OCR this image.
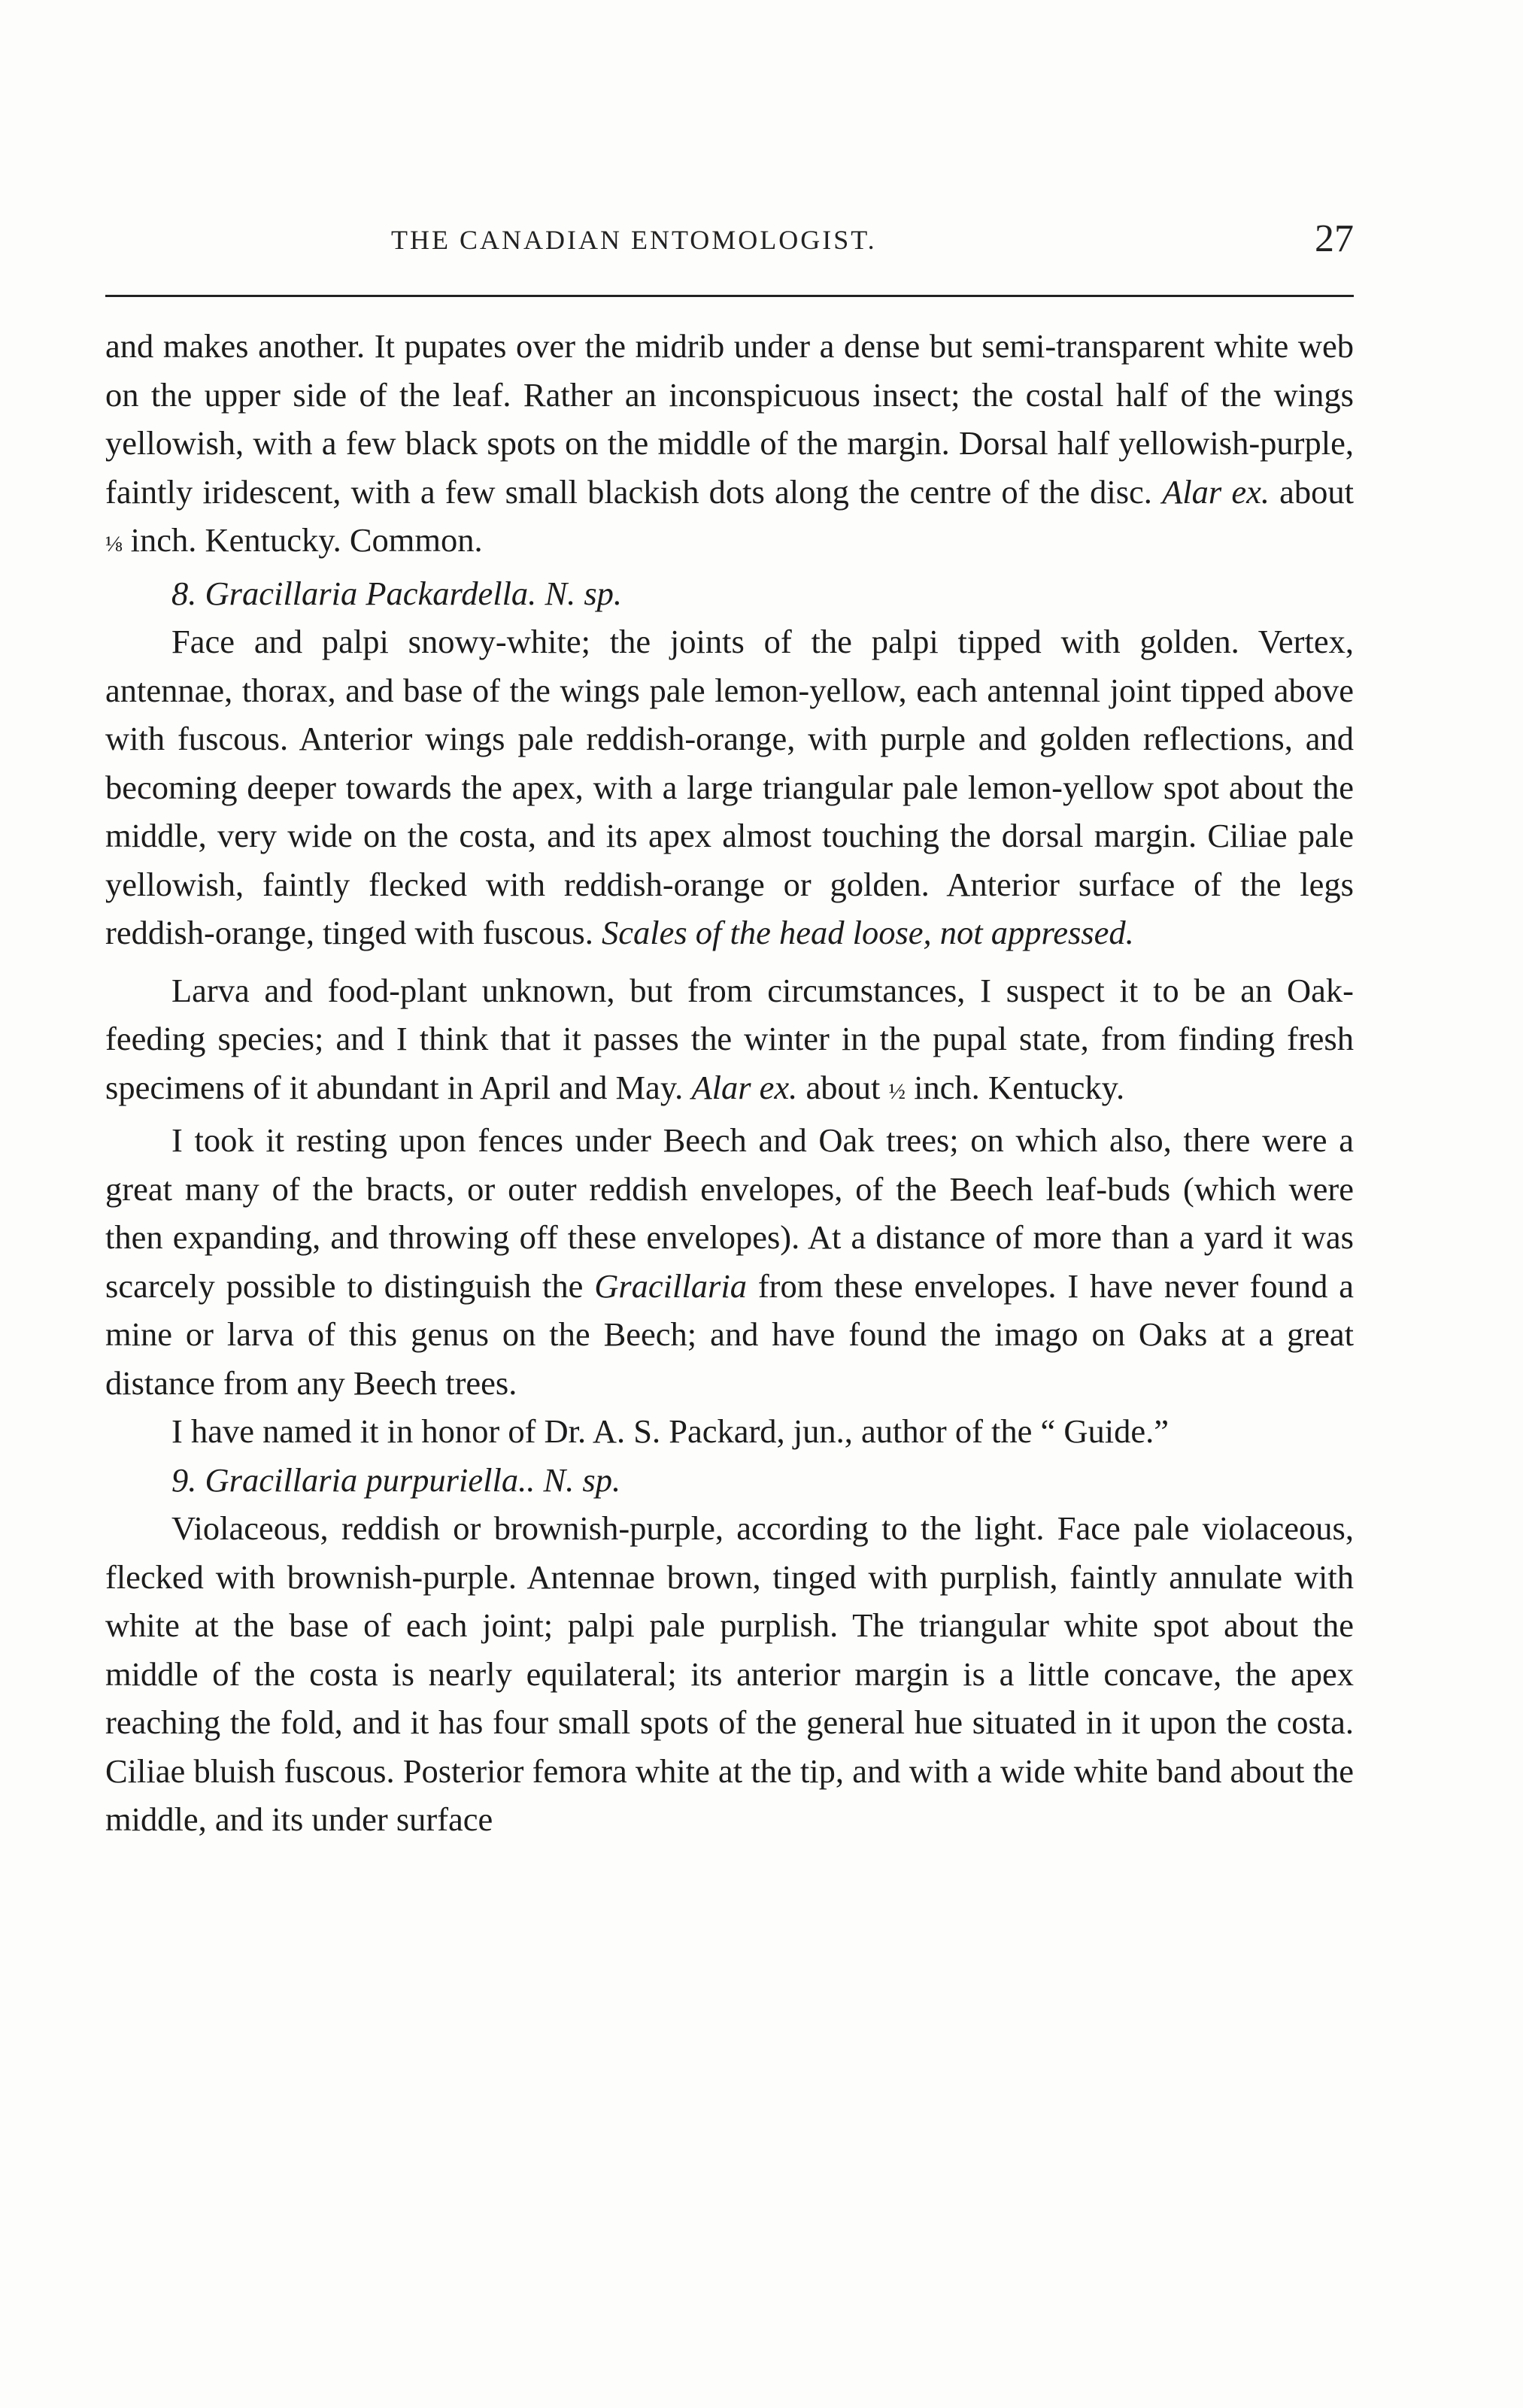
THE CANADIAN ENTOMOLOGIST.	27

and makes another. It pupates over the midrib under a dense but semi-transparent white web on the upper side of the leaf. Rather an inconspicuous insect; the costal half of the wings yellowish, with a few black spots on the middle of the margin. Dorsal half yellowish-purple, faintly iridescent, with a few small blackish dots along the centre of the disc. Alar ex. about ⅛ inch. Kentucky. Common.

8. Gracillaria Packardella. N. sp.

Face and palpi snowy-white; the joints of the palpi tipped with golden. Vertex, antennae, thorax, and base of the wings pale lemon-yellow, each antennal joint tipped above with fuscous. Anterior wings pale reddish-orange, with purple and golden reflections, and becoming deeper towards the apex, with a large triangular pale lemon-yellow spot about the middle, very wide on the costa, and its apex almost touching the dorsal margin. Ciliae pale yellowish, faintly flecked with reddish-orange or golden. Anterior surface of the legs reddish-orange, tinged with fuscous. Scales of the head loose, not appressed.

Larva and food-plant unknown, but from circumstances, I suspect it to be an Oak-feeding species; and I think that it passes the winter in the pupal state, from finding fresh specimens of it abundant in April and May. Alar ex. about ½ inch. Kentucky.

I took it resting upon fences under Beech and Oak trees; on which also, there were a great many of the bracts, or outer reddish envelopes, of the Beech leaf-buds (which were then expanding, and throwing off these envelopes). At a distance of more than a yard it was scarcely possible to distinguish the Gracillaria from these envelopes. I have never found a mine or larva of this genus on the Beech; and have found the imago on Oaks at a great distance from any Beech trees.

I have named it in honor of Dr. A. S. Packard, jun., author of the “ Guide.”

9. Gracillaria purpuriella.. N. sp.

Violaceous, reddish or brownish-purple, according to the light. Face pale violaceous, flecked with brownish-purple. Antennae brown, tinged with purplish, faintly annulate with white at the base of each joint; palpi pale purplish. The triangular white spot about the middle of the costa is nearly equilateral; its anterior margin is a little concave, the apex reaching the fold, and it has four small spots of the general hue situated in it upon the costa. Ciliae bluish fuscous. Posterior femora white at the tip, and with a wide white band about the middle, and its under surface
